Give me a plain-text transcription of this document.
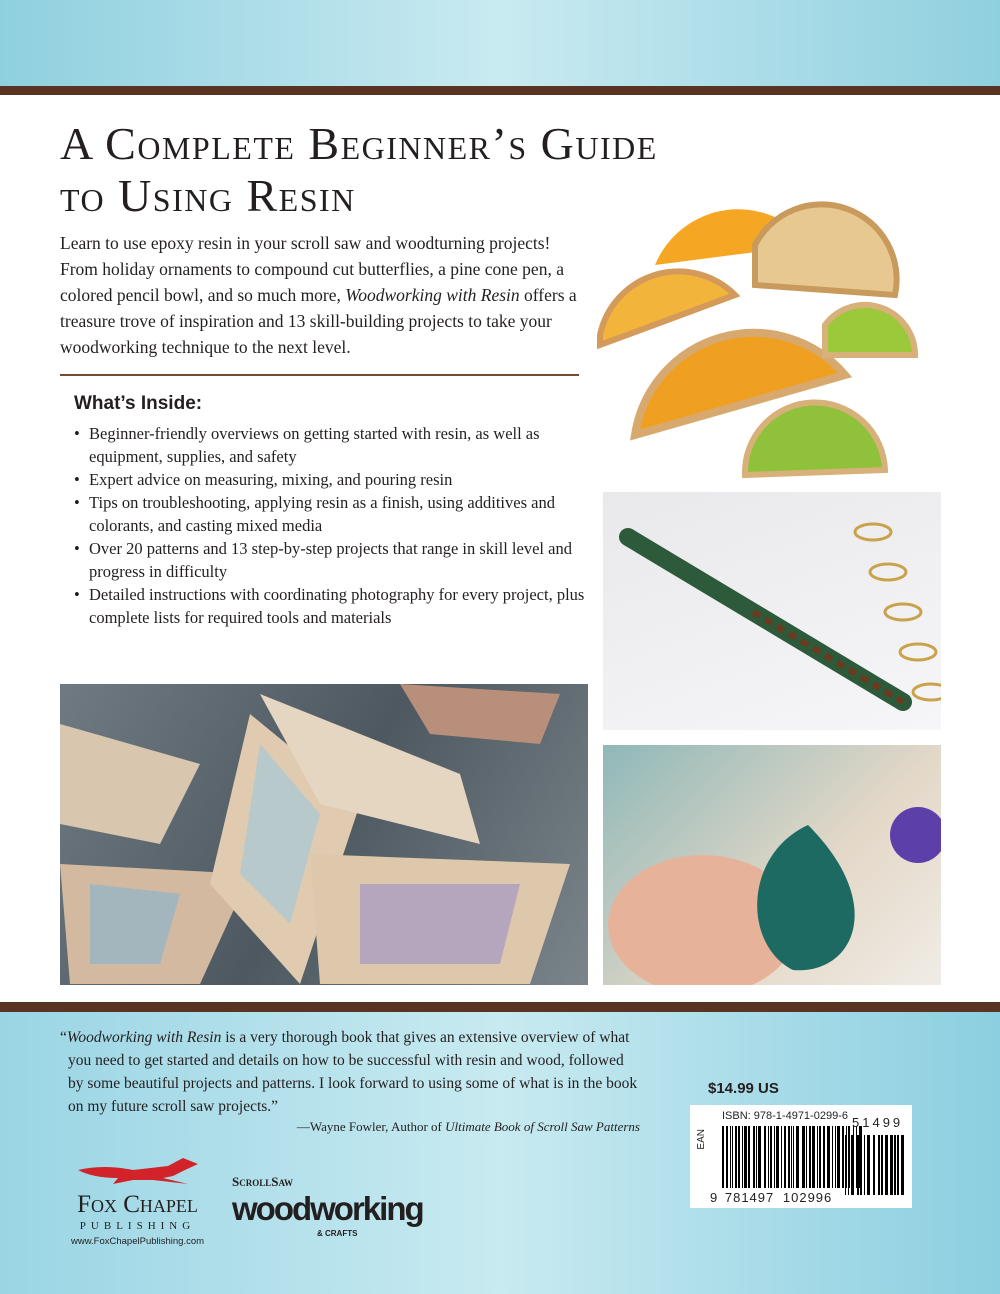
A Complete Beginner’s Guide
to Using Resin

Learn to use epoxy resin in your scroll saw and woodturning projects! From holiday ornaments to compound cut butterflies, a pine cone pen, a colored pencil bowl, and so much more, Woodworking with Resin offers a treasure trove of inspiration and 13 skill-building projects to take your woodworking technique to the next level.

What’s Inside:
• Beginner-friendly overviews on getting started with resin, as well as equipment, supplies, and safety
• Expert advice on measuring, mixing, and pouring resin
• Tips on troubleshooting, applying resin as a finish, using additives and colorants, and casting mixed media
• Over 20 patterns and 13 step-by-step projects that range in skill level and progress in difficulty
• Detailed instructions with coordinating photography for every project, plus complete lists for required tools and materials

“Woodworking with Resin is a very thorough book that gives an extensive overview of what you need to get started and details on how to be successful with resin and wood, followed by some beautiful projects and patterns. I look forward to using some of what is in the book on my future scroll saw projects.”

—Wayne Fowler, Author of Ultimate Book of Scroll Saw Patterns

$14.99 US
ISBN: 978-1-4971-0299-6
EAN
9 781497 102996
51499
Fox Chapel
PUBLISHING
www.FoxChapelPublishing.com
ScrollSaw
woodworking
& CRAFTS
